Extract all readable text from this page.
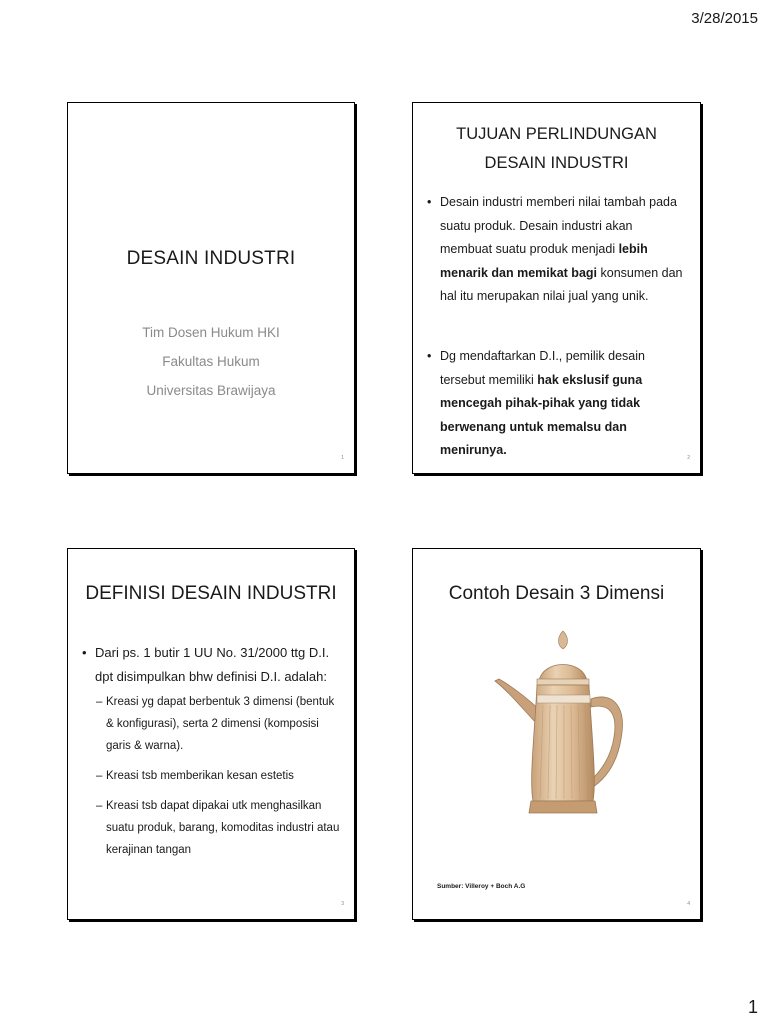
3/28/2015
DESAIN INDUSTRI
Tim Dosen Hukum HKI
Fakultas Hukum
Universitas Brawijaya
1
TUJUAN PERLINDUNGAN
DESAIN INDUSTRI
• Desain industri memberi nilai tambah pada suatu produk. Desain industri akan membuat suatu produk menjadi lebih menarik dan memikat bagi konsumen dan hal itu merupakan nilai jual yang unik.
• Dg mendaftarkan D.I., pemilik desain tersebut memiliki hak ekslusif guna mencegah pihak-pihak yang tidak berwenang untuk memalsu dan menirunya.
2
DEFINISI DESAIN INDUSTRI
• Dari ps. 1 butir 1 UU No. 31/2000 ttg D.I. dpt disimpulkan bhw definisi D.I. adalah:
– Kreasi yg dapat berbentuk 3 dimensi (bentuk & konfigurasi), serta 2 dimensi (komposisi garis & warna).
– Kreasi tsb memberikan kesan estetis
– Kreasi tsb dapat dipakai utk menghasilkan suatu produk, barang, komoditas industri atau kerajinan tangan
3
Contoh Desain 3 Dimensi
Sumber: Villeroy + Boch A.G
4
1
